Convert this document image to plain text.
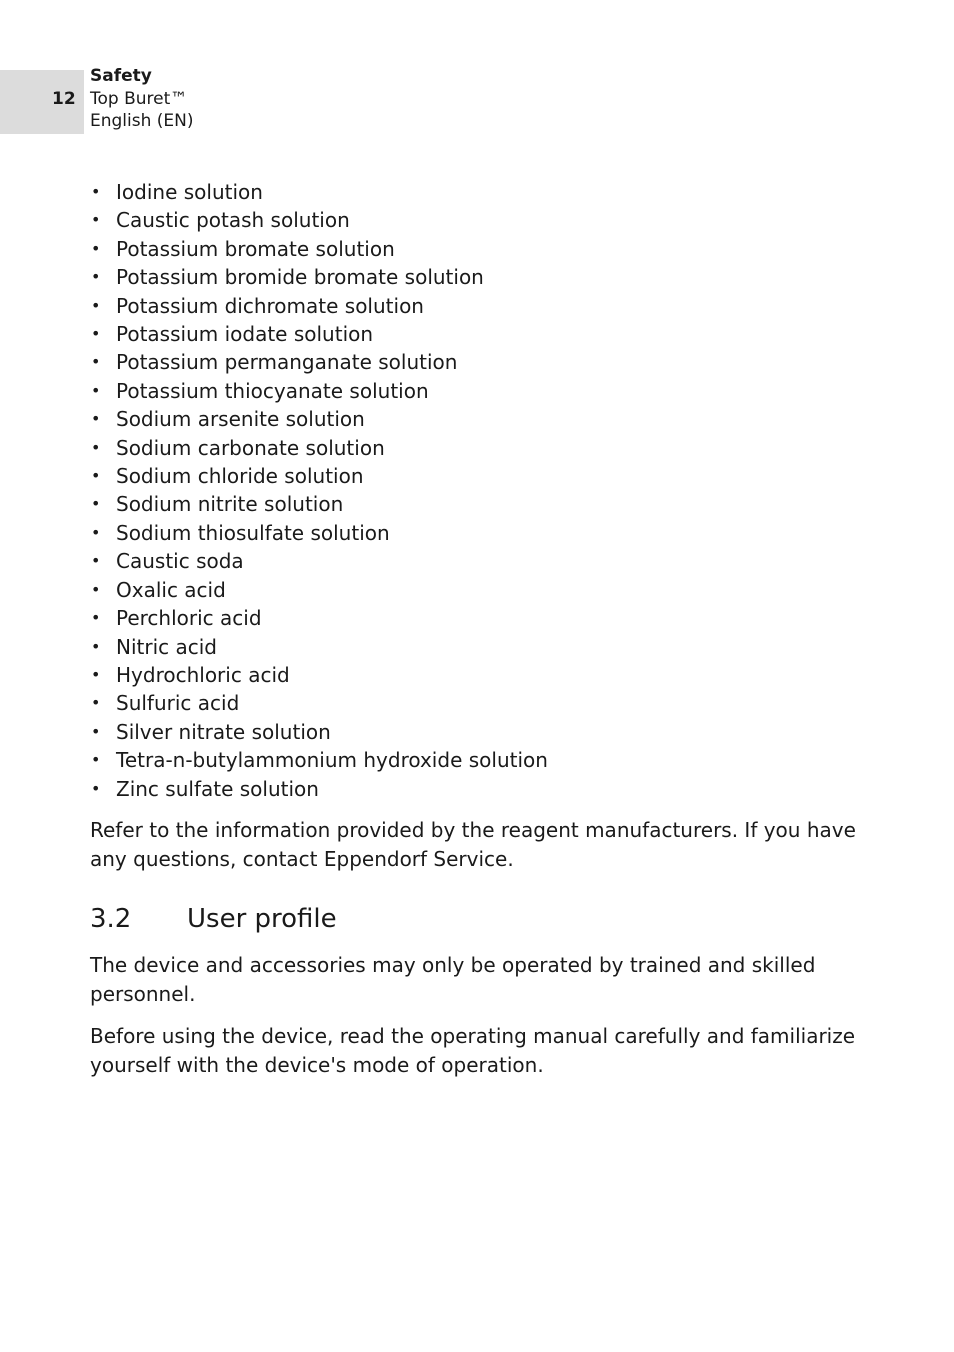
12
Safety
Top Buret™
English (EN)
• Iodine solution
• Caustic potash solution
• Potassium bromate solution
• Potassium bromide bromate solution
• Potassium dichromate solution
• Potassium iodate solution
• Potassium permanganate solution
• Potassium thiocyanate solution
• Sodium arsenite solution
• Sodium carbonate solution
• Sodium chloride solution
• Sodium nitrite solution
• Sodium thiosulfate solution
• Caustic soda
• Oxalic acid
• Perchloric acid
• Nitric acid
• Hydrochloric acid
• Sulfuric acid
• Silver nitrate solution
• Tetra-n-butylammonium hydroxide solution
• Zinc sulfate solution

Refer to the information provided by the reagent manufacturers. If you have any questions, contact Eppendorf Service.

3.2	User profile

The device and accessories may only be operated by trained and skilled personnel.

Before using the device, read the operating manual carefully and familiarize yourself with the device's mode of operation.
